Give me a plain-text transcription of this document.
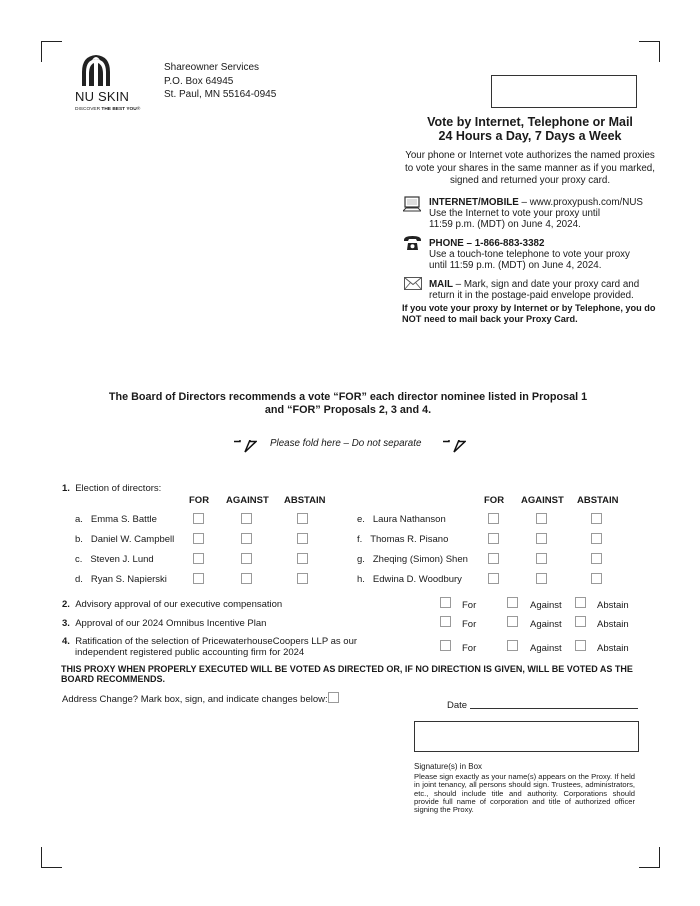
NU SKIN
DISCOVER THE BEST YOU®
Shareowner Services
P.O. Box 64945
St. Paul, MN 55164-0945
Vote by Internet, Telephone or Mail
24 Hours a Day, 7 Days a Week
Your phone or Internet vote authorizes the named proxies to vote your shares in the same manner as if you marked, signed and returned your proxy card.
INTERNET/MOBILE – www.proxypush.com/NUS
Use the Internet to vote your proxy until
11:59 p.m. (MDT) on June 4, 2024.
PHONE – 1-866-883-3382
Use a touch-tone telephone to vote your proxy
until 11:59 p.m. (MDT) on June 4, 2024.
MAIL – Mark, sign and date your proxy card and
return it in the postage-paid envelope provided.
If you vote your proxy by Internet or by Telephone, you do NOT need to mail back your Proxy Card.
The Board of Directors recommends a vote “FOR” each director nominee listed in Proposal 1
and “FOR” Proposals 2, 3 and 4.
Please fold here – Do not separate
1. Election of directors:
FOR AGAINST ABSTAIN	FOR AGAINST ABSTAIN
a. Emma S. Battle
b. Daniel W. Campbell
c. Steven J. Lund
d. Ryan S. Napierski
e. Laura Nathanson
f. Thomas R. Pisano
g. Zheqing (Simon) Shen
h. Edwina D. Woodbury
2. Advisory approval of our executive compensation	For	Against	Abstain
3. Approval of our 2024 Omnibus Incentive Plan	For	Against	Abstain
4. Ratification of the selection of PricewaterhouseCoopers LLP as our
independent registered public accounting firm for 2024	For	Against	Abstain
THIS PROXY WHEN PROPERLY EXECUTED WILL BE VOTED AS DIRECTED OR, IF NO DIRECTION IS GIVEN, WILL BE VOTED AS THE
BOARD RECOMMENDS.
Address Change? Mark box, sign, and indicate changes below:
Date
Signature(s) in Box
Please sign exactly as your name(s) appears on the Proxy. If held in joint tenancy, all persons should sign. Trustees, administrators, etc., should include title and authority. Corporations should provide full name of corporation and title of authorized officer signing the Proxy.
